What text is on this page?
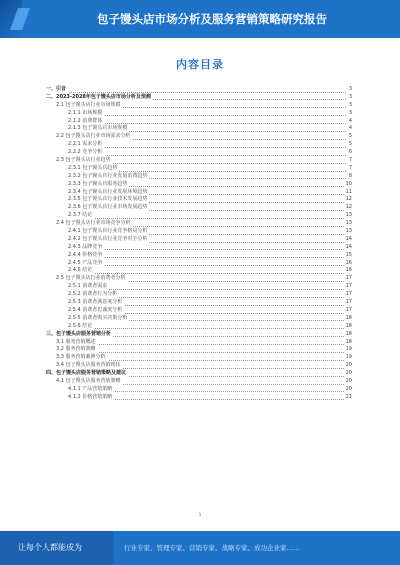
包子馒头店市场分析及服务营销策略研究报告
内容目录
一、引言	3
二、2023-2028年包子馒头店市场分析及预测	3
2.1 包子馒头店行业市场规模	3
2.1.1 市场规模	3
2.1.2 消费群体	4
2.1.3 包子馒头店市场规模	4
2.2 包子馒头店行业市场需求分析	5
2.2.1 需求分析	5
2.2.2 竞争分析	6
2.3 包子馒头店行业趋势	7
2.3.1 包子馒头店趋势	7
2.3.2 包子馒头店行业发展消费趋势	8
2.3.3 包子馒头店服务趋势	10
2.3.4 包子馒头店行业发展环境趋势	11
2.3.5 包子馒头店行业技术发展趋势	12
2.3.6 包子馒头店行业市场发展趋势	12
2.3.7 结论	13
2.4 包子馒头店行业市场竞争分析	13
2.4.1 包子馒头店行业竞争格局分析	13
2.4.2 包子馒头店行业竞争对手分析	14
2.4.3 品牌竞争	14
2.4.4 价格竞争	15
2.4.5 产品竞争	16
2.4.6 结论	16
2.5 包子馒头店行业消费者分析	17
2.5.1 消费者需求	17
2.5.2 消费者行为分析	17
2.5.3 消费者满意度分析	17
2.5.4 消费者忠诚度分析	17
2.5.5 消费者购买决策分析	18
2.5.6 结论	18
三、包子馒头店服务营销分析	18
3.1 服务营销概述	18
3.2 服务营销策略	19
3.3 服务营销案例分析	19
3.4 包子馒头店服务营销现状	20
四、包子馒头店服务营销策略及建议	20
4.1 包子馒头店服务营销策略	20
4.1.1 产品营销策略	20
4.1.2 价格营销策略	21
1
让每个人都能成为	行业专家、管理专家、营销专家、战略专家、成功企业家……
